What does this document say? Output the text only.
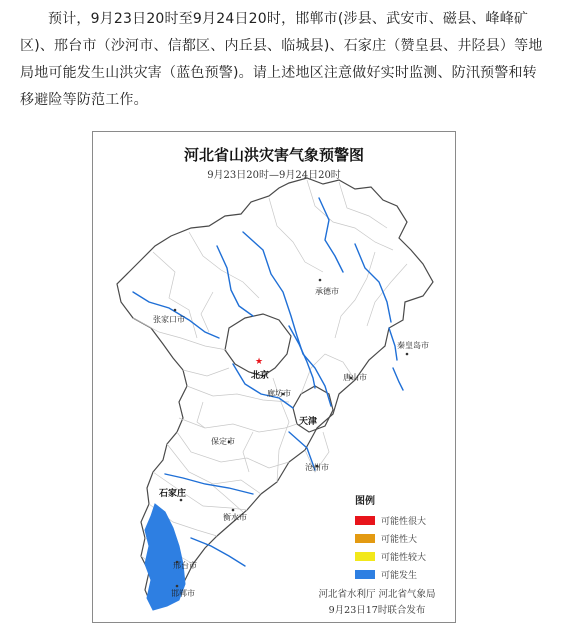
预计，9月23日20时至9月24日20时，邯郸市(涉县、武安市、磁县、峰峰矿区)、邢台市（沙河市、信都区、内丘县、临城县)、石家庄（赞皇县、井陉县）等地局地可能发生山洪灾害（蓝色预警)。请上述地区注意做好实时监测、防汛预警和转移避险等防范工作。
★
承德市
张家口市
秦皇岛市
北京	唐山市
廊坊市
天津
保定市
沧州市
石家庄
衡水市
邢台市
邯郸市
河北省山洪灾害气象预警图
9月23日20时—9月24日20时
图例
可能性很大
可能性大
可能性较大
可能发生
河北省水利厅 河北省气象局
9月23日17时联合发布
